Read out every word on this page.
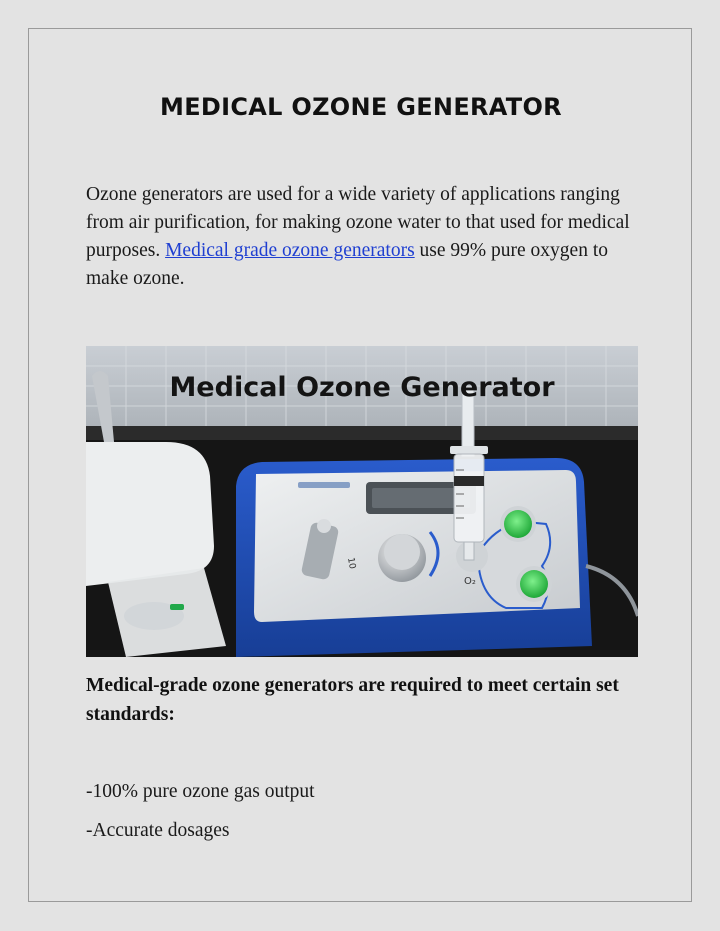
MEDICAL OZONE GENERATOR

Ozone generators are used for a wide variety of applications ranging from air purification, for making ozone water to that used for medical purposes. Medical grade ozone generators use 99% pure oxygen to make ozone.

10
O₂
Medical Ozone Generator

Medical-grade ozone generators are required to meet certain set standards:

-100% pure ozone gas output
-Accurate dosages
